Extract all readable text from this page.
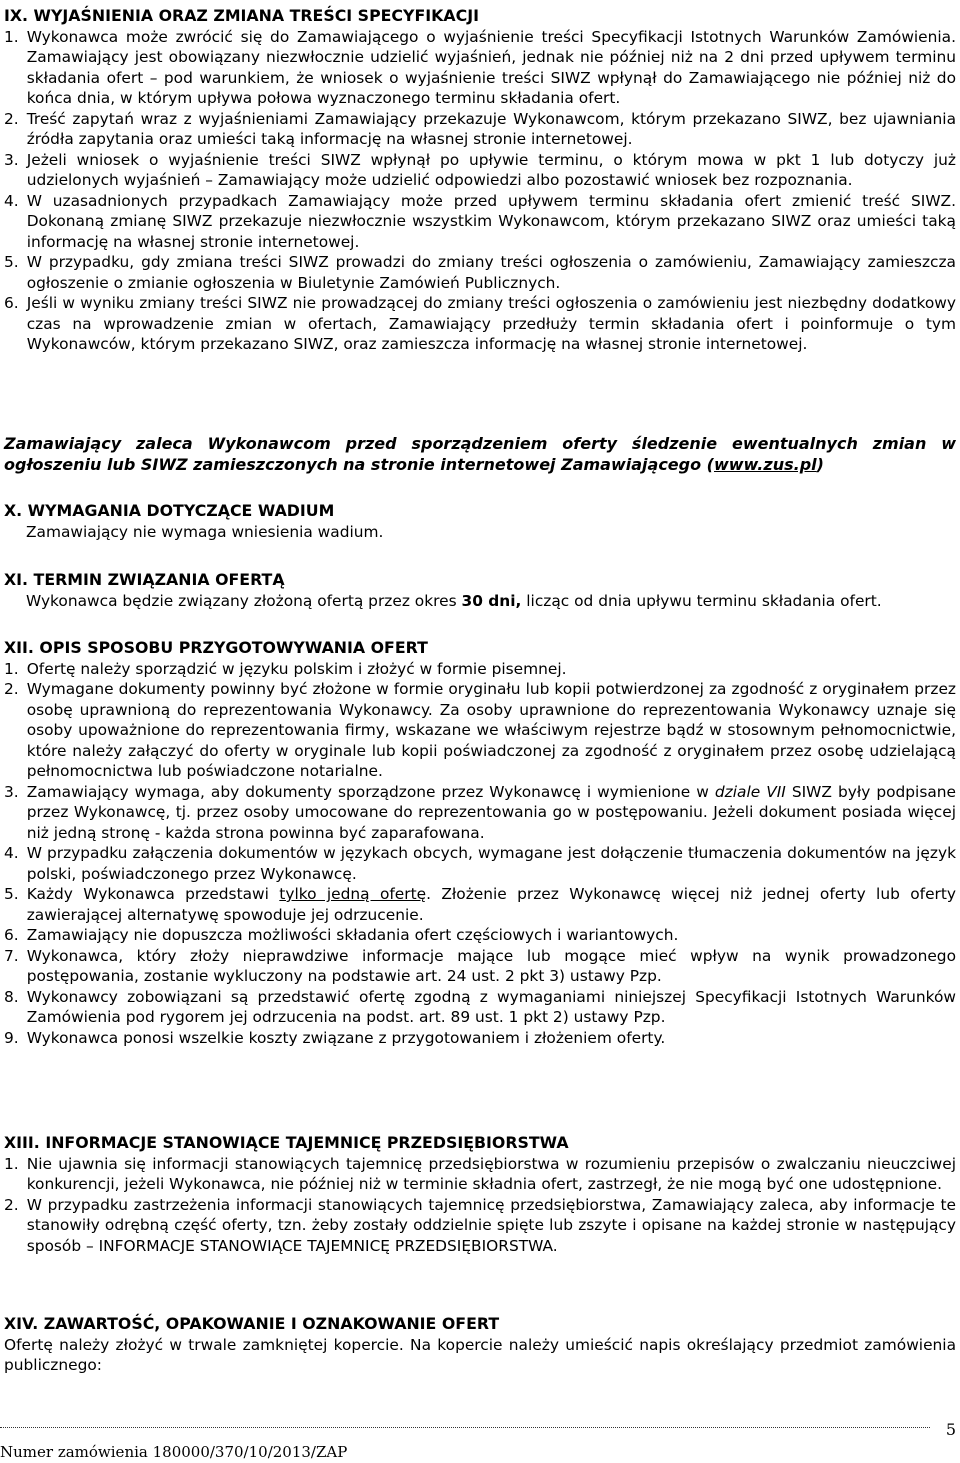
IX. WYJAŚNIENIA ORAZ ZMIANA TREŚCI SPECYFIKACJI
1. Wykonawca może zwrócić się do Zamawiającego o wyjaśnienie treści Specyfikacji Istotnych Warunków Zamówienia. Zamawiający jest obowiązany niezwłocznie udzielić wyjaśnień, jednak nie później niż na 2 dni przed upływem terminu składania ofert – pod warunkiem, że wniosek o wyjaśnienie treści SIWZ wpłynął do Zamawiającego nie później niż do końca dnia, w którym upływa połowa wyznaczonego terminu składania ofert.
2. Treść zapytań wraz z wyjaśnieniami Zamawiający przekazuje Wykonawcom, którym przekazano SIWZ, bez ujawniania źródła zapytania oraz umieści taką informację na własnej stronie internetowej.
3. Jeżeli wniosek o wyjaśnienie treści SIWZ wpłynął po upływie terminu, o którym mowa w pkt 1 lub dotyczy już udzielonych wyjaśnień – Zamawiający może udzielić odpowiedzi albo pozostawić wniosek bez rozpoznania.
4. W uzasadnionych przypadkach Zamawiający może przed upływem terminu składania ofert zmienić treść SIWZ. Dokonaną zmianę SIWZ przekazuje niezwłocznie wszystkim Wykonawcom, którym przekazano SIWZ oraz umieści taką informację na własnej stronie internetowej.
5. W przypadku, gdy zmiana treści SIWZ prowadzi do zmiany treści ogłoszenia o zamówieniu, Zamawiający zamieszcza ogłoszenie o zmianie ogłoszenia w Biuletynie Zamówień Publicznych.
6. Jeśli w wyniku zmiany treści SIWZ nie prowadzącej do zmiany treści ogłoszenia o zamówieniu jest niezbędny dodatkowy czas na wprowadzenie zmian w ofertach, Zamawiający przedłuży termin składania ofert i poinformuje o tym Wykonawców, którym przekazano SIWZ, oraz zamieszcza informację na własnej stronie internetowej.

Zamawiający zaleca Wykonawcom przed sporządzeniem oferty śledzenie ewentualnych zmian w ogłoszeniu lub SIWZ zamieszczonych na stronie internetowej Zamawiającego (www.zus.pl)

X. WYMAGANIA DOTYCZĄCE WADIUM

Zamawiający nie wymaga wniesienia wadium.

XI. TERMIN ZWIĄZANIA OFERTĄ

Wykonawca będzie związany złożoną ofertą przez okres 30 dni, licząc od dnia upływu terminu składania ofert.

XII. OPIS SPOSOBU PRZYGOTOWYWANIA OFERT
1. Ofertę należy sporządzić w języku polskim i złożyć w formie pisemnej.
2. Wymagane dokumenty powinny być złożone w formie oryginału lub kopii potwierdzonej za zgodność z oryginałem przez osobę uprawnioną do reprezentowania Wykonawcy. Za osoby uprawnione do reprezentowania Wykonawcy uznaje się osoby upoważnione do reprezentowania firmy, wskazane we właściwym rejestrze bądź w stosownym pełnomocnictwie, które należy załączyć do oferty w oryginale lub kopii poświadczonej za zgodność z oryginałem przez osobę udzielającą pełnomocnictwa lub poświadczone notarialne.
3. Zamawiający wymaga, aby dokumenty sporządzone przez Wykonawcę i wymienione w dziale VII SIWZ były podpisane przez Wykonawcę, tj. przez osoby umocowane do reprezentowania go w postępowaniu. Jeżeli dokument posiada więcej niż jedną stronę - każda strona powinna być zaparafowana.
4. W przypadku załączenia dokumentów w językach obcych, wymagane jest dołączenie tłumaczenia dokumentów na język polski, poświadczonego przez Wykonawcę.
5. Każdy Wykonawca przedstawi tylko jedną ofertę. Złożenie przez Wykonawcę więcej niż jednej oferty lub oferty zawierającej alternatywę spowoduje jej odrzucenie.
6. Zamawiający nie dopuszcza możliwości składania ofert częściowych i wariantowych.
7. Wykonawca, który złoży nieprawdziwe informacje mające lub mogące mieć wpływ na wynik prowadzonego postępowania, zostanie wykluczony na podstawie art. 24 ust. 2 pkt 3) ustawy Pzp.
8. Wykonawcy zobowiązani są przedstawić ofertę zgodną z wymaganiami niniejszej Specyfikacji Istotnych Warunków Zamówienia pod rygorem jej odrzucenia na podst. art. 89 ust. 1 pkt 2) ustawy Pzp.
9. Wykonawca ponosi wszelkie koszty związane z przygotowaniem i złożeniem oferty.
XIII. INFORMACJE STANOWIĄCE TAJEMNICĘ PRZEDSIĘBIORSTWA
1. Nie ujawnia się informacji stanowiących tajemnicę przedsiębiorstwa w rozumieniu przepisów o zwalczaniu nieuczciwej konkurencji, jeżeli Wykonawca, nie później niż w terminie składnia ofert, zastrzegł, że nie mogą być one udostępnione.
2. W przypadku zastrzeżenia informacji stanowiących tajemnicę przedsiębiorstwa, Zamawiający zaleca, aby informacje te stanowiły odrębną część oferty, tzn. żeby zostały oddzielnie spięte lub zszyte i opisane na każdej stronie w następujący sposób – INFORMACJE STANOWIĄCE TAJEMNICĘ PRZEDSIĘBIORSTWA.
XIV. ZAWARTOŚĆ, OPAKOWANIE I OZNAKOWANIE OFERT

Ofertę należy złożyć w trwale zamkniętej kopercie. Na kopercie należy umieścić napis określający przedmiot zamówienia publicznego:

Numer zamówienia 180000/370/10/2013/ZAP
5
